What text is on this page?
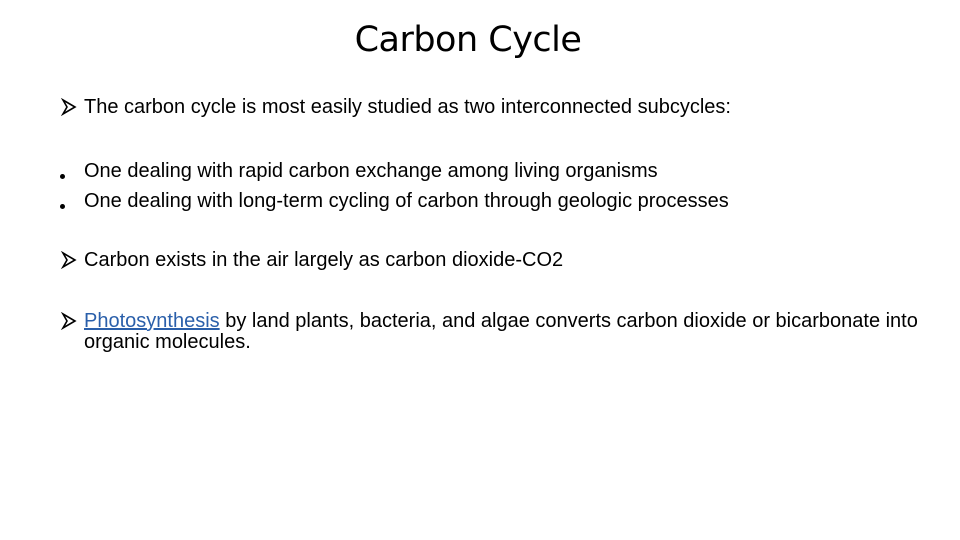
Carbon Cycle
The carbon cycle is most easily studied as two interconnected subcycles:
One dealing with rapid carbon exchange among living organisms
One dealing with long-term cycling of carbon through geologic processes
Carbon exists in the air largely as carbon dioxide-CO2
Photosynthesis by land plants, bacteria, and algae converts carbon dioxide or bicarbonate into organic molecules.
